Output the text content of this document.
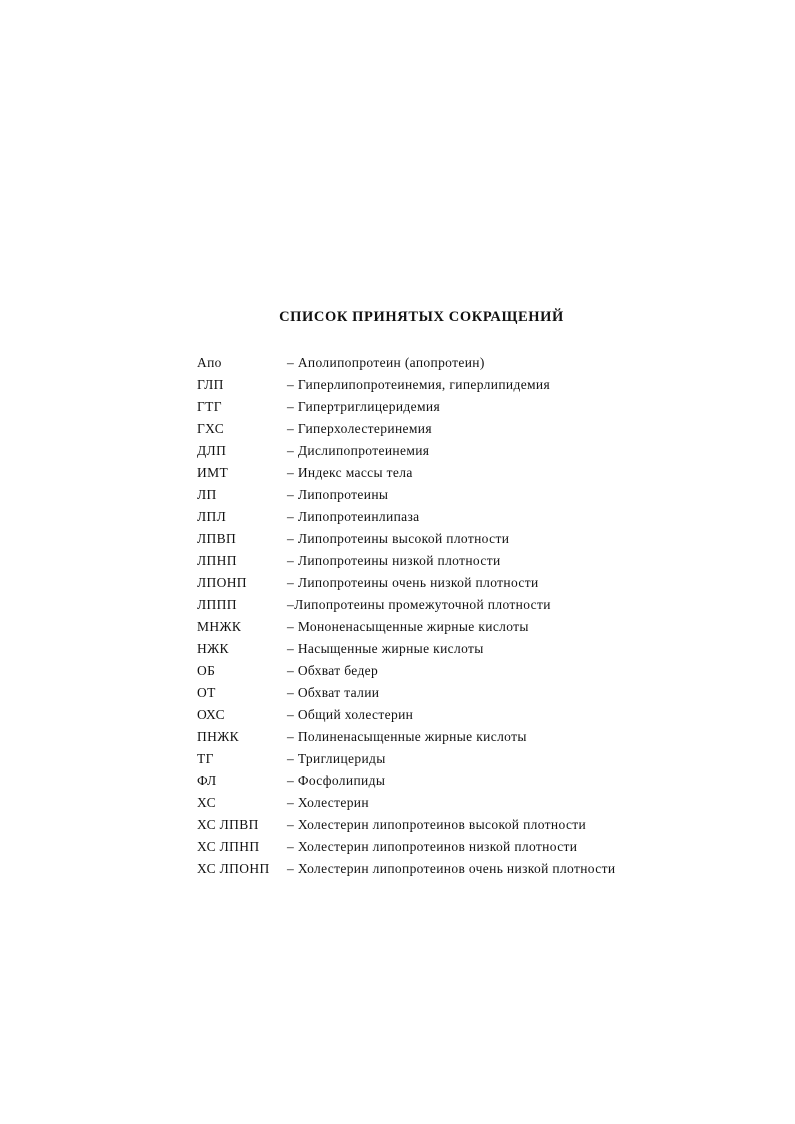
СПИСОК ПРИНЯТЫХ СОКРАЩЕНИЙ
Апо	– Аполипопротеин (апопротеин)
ГЛП	– Гиперлипопротеинемия, гиперлипидемия
ГТГ	– Гипертриглицеридемия
ГХС	– Гиперхолестеринемия
ДЛП	– Дислипопротеинемия
ИМТ	– Индекс массы тела
ЛП	– Липопротеины
ЛПЛ	– Липопротеинлипаза
ЛПВП	– Липопротеины высокой плотности
ЛПНП	– Липопротеины низкой плотности
ЛПОНП	– Липопротеины очень низкой плотности
ЛППП	–Липопротеины промежуточной плотности
МНЖК	– Мононенасыщенные жирные кислоты
НЖК	– Насыщенные жирные кислоты
ОБ	– Обхват бедер
ОТ	– Обхват талии
ОХС	– Общий холестерин
ПНЖК	– Полиненасыщенные жирные кислоты
ТГ	– Триглицериды
ФЛ	– Фосфолипиды
ХС	– Холестерин
ХС ЛПВП	– Холестерин липопротеинов высокой плотности
ХС ЛПНП	– Холестерин липопротеинов низкой плотности
ХС ЛПОНП	– Холестерин липопротеинов очень низкой плотности
